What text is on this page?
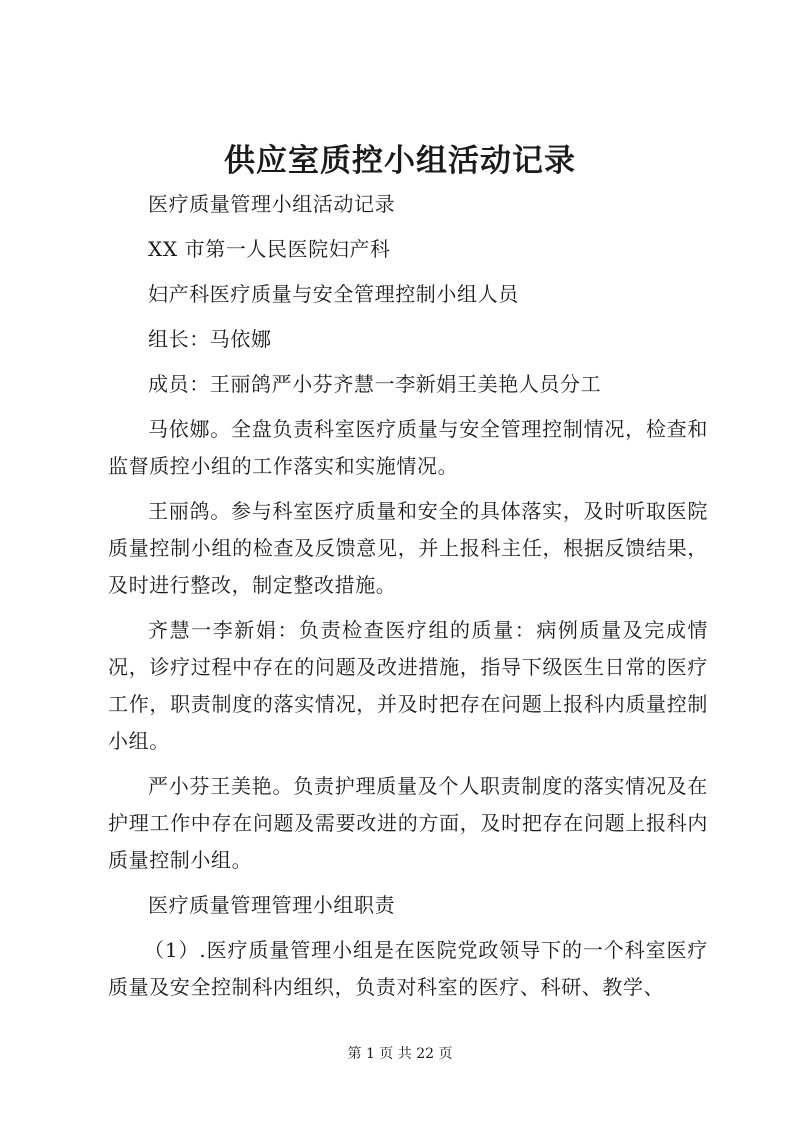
供应室质控小组活动记录

医疗质量管理小组活动记录

XX 市第一人民医院妇产科

妇产科医疗质量与安全管理控制小组人员

组长：马依娜

成员：王丽鸽严小芬齐慧一李新娟王美艳人员分工

马依娜。全盘负责科室医疗质量与安全管理控制情况，检查和监督质控小组的工作落实和实施情况。

王丽鸽。参与科室医疗质量和安全的具体落实，及时听取医院质量控制小组的检查及反馈意见，并上报科主任，根据反馈结果，及时进行整改，制定整改措施。

齐慧一李新娟：负责检查医疗组的质量：病例质量及完成情况，诊疗过程中存在的问题及改进措施，指导下级医生日常的医疗工作，职责制度的落实情况，并及时把存在问题上报科内质量控制小组。

严小芬王美艳。负责护理质量及个人职责制度的落实情况及在护理工作中存在问题及需要改进的方面，及时把存在问题上报科内质量控制小组。

医疗质量管理管理小组职责

（1）.医疗质量管理小组是在医院党政领导下的一个科室医疗质量及安全控制科内组织，负责对科室的医疗、科研、教学、

第 1 页 共 22 页
